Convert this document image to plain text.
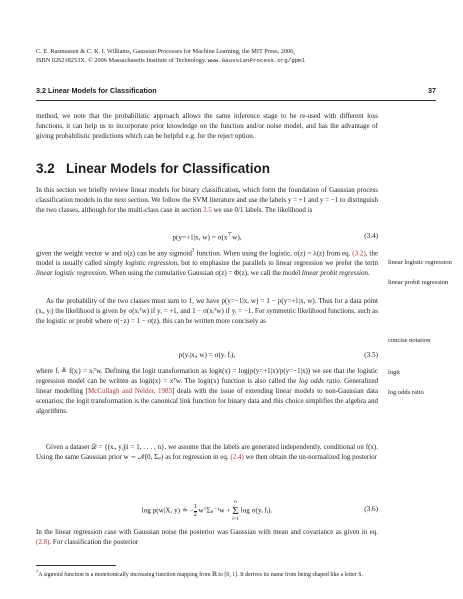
C. E. Rasmussen & C. K. I. Williams, Gaussian Processes for Machine Learning, the MIT Press, 2006,
ISBN 026218253X. © 2006 Massachusetts Institute of Technology. www.GaussianProcess.org/gpml
3.2 Linear Models for Classification	37
method, we note that the probabilistic approach allows the same inference stage to be re-used with different loss functions, it can help us to incorporate prior knowledge on the function and/or noise model, and has the advantage of giving probabilistic predictions which can be helpful e.g. for the reject option.
3.2 Linear Models for Classification
In this section we briefly review linear models for binary classification, which form the foundation of Gaussian process classification models in the next section. We follow the SVM literature and use the labels y = +1 and y = −1 to distinguish the two classes, although for the multi-class case in section 3.5 we use 0/1 labels. The likelihood is
p(y=+1|x, w) = σ(x⊤w),	(3.4)
given the weight vector w and σ(z) can be any sigmoid$^7$ function. When using the logistic, σ(z) = λ(z) from eq. (3.2), the model is usually called simply logistic regression, but to emphasize the parallels to linear regression we prefer the term linear logistic regression. When using the cumulative Gaussian σ(z) = Φ(z), we call the model linear probit regression.
As the probability of the two classes must sum to 1, we have p(y=−1|x, w) = 1 − p(y=+1|x, w). Thus for a data point (xᵢ, yᵢ) the likelihood is given by σ(xᵢᵀw) if yᵢ = +1, and 1 − σ(xᵢᵀw) if yᵢ = −1. For symmetric likelihood functions, such as the logistic or probit where σ(−z) = 1 − σ(z), this can be written more concisely as
p(yᵢ|xᵢ, w) = σ(yᵢ fᵢ),	(3.5)
where fᵢ ≜ f(xᵢ) = xᵢᵀw. Defining the logit transformation as logit(x) = log(p(y=+1|x)/p(y=−1|x)) we see that the logistic regression model can be written as logit(x) = xᵀw. The logit(x) function is also called the log odds ratio. Generalized linear modelling [McCullagh and Nelder, 1983] deals with the issue of extending linear models to non-Gaussian data scenarios; the logit transformation is the canonical link function for binary data and this choice simplifies the algebra and algorithms.
Given a dataset 𝒟 = {(xᵢ, yᵢ)|i = 1, . . . , n}, we assume that the labels are generated independently, conditional on f(x). Using the same Gaussian prior w ∼ 𝒩(0, Σₚ) as for regression in eq. (2.4) we then obtain the un-normalized log posterior
log p(w|X, y) ≐ − $\frac{1}{2}$ wᵀΣₚ⁻¹w + n
Σ
i=1 log σ(yᵢ fᵢ).	(3.6)
In the linear regression case with Gaussian noise the posterior was Gaussian with mean and covariance as given in eq. (2.8). For classification the posterior
linear logistic regression
linear probit regression
concise notation
logit
log odds ratio
$^7$A sigmoid function is a monotonically increasing function mapping from ℝ to [0, 1]. It derives its name from being shaped like a letter S.
